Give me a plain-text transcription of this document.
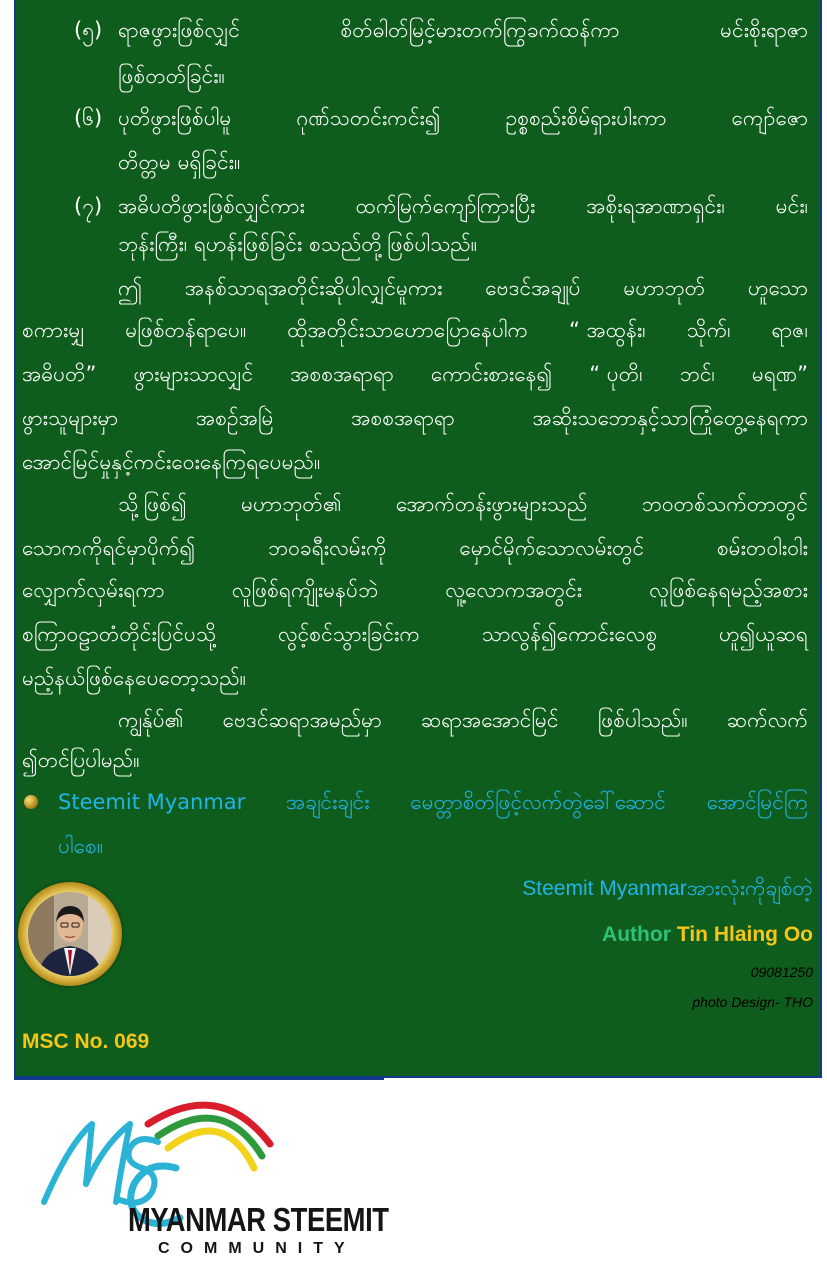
(၅) ရာဇဖွား‌ဖြစ်လျှင်	စိတ်ဓါတ်မြင့်မားတက်ကြွခက်ထန်ကာ	မင်းစိုးရာဇာ
ဖြစ်တတ်ခြင်း။
(၆) ပုတိဖွားဖြစ်ပါမူ	ဂုဏ်သတင်းကင်း၍	ဥစ္စစည်းစိမ်ရှားပါးကာ	ကျော်ဇော
တိတ္တမ မရှိခြင်း။
(၇) အဓိပတိဖွားဖြစ်လျှင်ကား ထက်မြက်ကျော်ကြားပြီး အစိုးရအာဏာရှင်း၊ မင်း၊
ဘုန်းကြီး၊ ရဟန်းဖြစ်ခြင်း စသည်တို့ဖြစ်ပါသည်။
ဤ အနစ်သာရအတိုင်းဆိုပါလျှင်မူကား ဗေဒင်အချုပ် မဟာဘုတ် ဟူသော
စကားမျှ မဖြစ်တန်ရာပေ။ ထိုအတိုင်းသာဟောပြောနေပါက “ အထွန်း၊ သိုက်၊ ရာဇ၊
အဓိပတိ” ဖွားများသာလျှင် အစစအရာရာ ကောင်းစားနေ၍ “ ပုတိ၊ ဘင်၊ မရဏ”
ဖွားသူများမှာ	အစဉ်အမြဲ	အစစအရာရာ	အဆိုးသဘောနှင့်သာကြုံတွေ့နေရကာ
အောင်မြင်မှုနှင့်ကင်းဝေးနေကြရပေမည်။
သို့ဖြစ်၍	မဟာဘုတ်၏	အောက်တန်းဖွားများသည်	ဘဝတစ်သက်တာတွင်
သောကကိုရင်မှာပိုက်၍	ဘဝခရီးလမ်းကို	မှောင်မိုက်သောလမ်းတွင်	စမ်းတဝါးဝါး
လျှောက်လှမ်းရကာ	လူဖြစ်ရကျိုးမနပ်ဘဲ	လူ့လောကအတွင်း	လူဖြစ်နေရမည့်အစား
စကြာဝဠာတံတိုင်းပြင်ပသို့	လွင့်စင်သွားခြင်းက	သာလွန်၍ကောင်းလေစွ	ဟူ၍ယူဆရ
မည့်နယ်ဖြစ်နေပေတော့သည်။
ကျွန်ုပ်၏ ဗေဒင်ဆရာအမည်မှာ ဆရာအအောင်မြင် ဖြစ်ပါသည်။ ဆက်လက်
၍တင်ပြပါမည်။
Steemit Myanmar အချင်းချင်း မေတ္တာစိတ်ဖြင့်လက်တွဲခေါ်ဆောင် အောင်မြင်ကြ
ပါစေ။
Steemit Myanmarအားလုံးကိုချစ်တဲ့
Author Tin Hlaing Oo
09081250
photo Design- THO
MSC No. 069
MYANMAR STEEMIT
COMMUNITY
